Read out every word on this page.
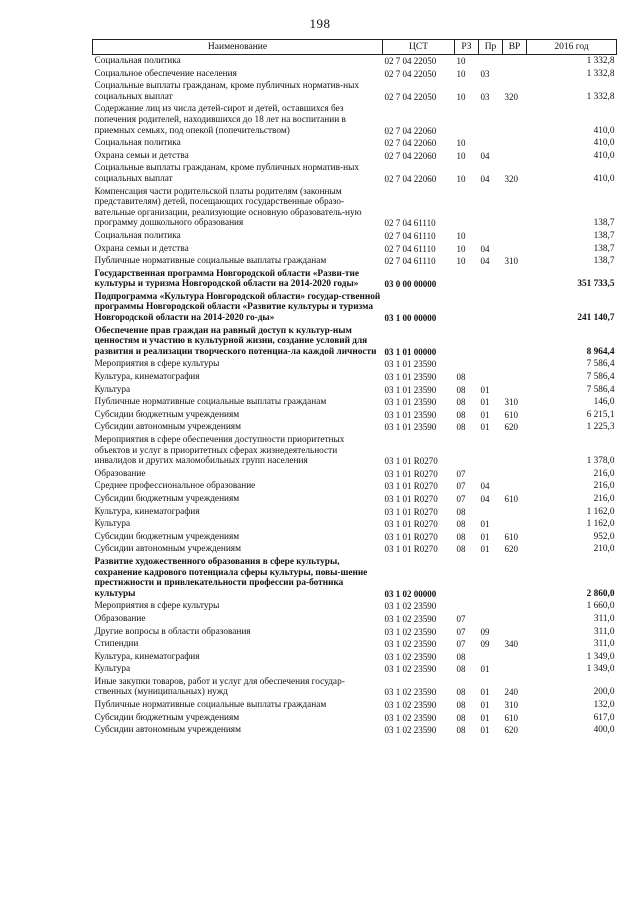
198
Наименование	ЦСТ	РЗ	Пр	ВР	2016 год
Социальная политика	02 7 04 22050	10			1 332,8
Социальное обеспечение населения	02 7 04 22050	10	03		1 332,8
Социальные выплаты гражданам, кроме публичных норматив-ных социальных выплат	02 7 04 22050	10	03	320	1 332,8
Содержание лиц из числа детей-сирот и детей, оставшихся без попечения родителей, находившихся до 18 лет на воспитании в приемных семьях, под опекой (попечительством)	02 7 04 22060				410,0
Социальная политика	02 7 04 22060	10			410,0
Охрана семьи и детства	02 7 04 22060	10	04		410,0
Социальные выплаты гражданам, кроме публичных норматив-ных социальных выплат	02 7 04 22060	10	04	320	410,0
Компенсация части родительской платы родителям (законным представителям) детей, посещающих государственные образо-вательные организации, реализующие основную образователь-ную программу дошкольного образования	02 7 04 61110				138,7
Социальная политика	02 7 04 61110	10			138,7
Охрана семьи и детства	02 7 04 61110	10	04		138,7
Публичные нормативные социальные выплаты гражданам	02 7 04 61110	10	04	310	138,7
Государственная программа Новгородской области «Разви-тие культуры и туризма Новгородской области на 2014-2020 годы»	03 0 00 00000				351 733,5
Подпрограмма «Культура Новгородской области» государ-ственной программы Новгородской области «Развитие культуры и туризма Новгородской области на 2014-2020 го-ды»	03 1 00 00000				241 140,7
Обеспечение прав граждан на равный доступ к культур-ным ценностям и участию в культурной жизни, создание условий для развития и реализации творческого потенциа-ла каждой личности	03 1 01 00000				8 964,4
Мероприятия в сфере культуры	03 1 01 23590				7 586,4
Культура, кинематография	03 1 01 23590	08			7 586,4
Культура	03 1 01 23590	08	01		7 586,4
Публичные нормативные социальные выплаты гражданам	03 1 01 23590	08	01	310	146,0
Субсидии бюджетным учреждениям	03 1 01 23590	08	01	610	6 215,1
Субсидии автономным учреждениям	03 1 01 23590	08	01	620	1 225,3
Мероприятия в сфере обеспечения доступности приоритетных объектов и услуг в приоритетных сферах жизнедеятельности инвалидов и других маломобильных групп населения	03 1 01 R0270				1 378,0
Образование	03 1 01 R0270	07			216,0
Среднее профессиональное образование	03 1 01 R0270	07	04		216,0
Субсидии бюджетным учреждениям	03 1 01 R0270	07	04	610	216,0
Культура, кинематография	03 1 01 R0270	08			1 162,0
Культура	03 1 01 R0270	08	01		1 162,0
Субсидии бюджетным учреждениям	03 1 01 R0270	08	01	610	952,0
Субсидии автономным учреждениям	03 1 01 R0270	08	01	620	210,0
Развитие художественного образования в сфере культуры, сохранение кадрового потенциала сферы культуры, повы-шение престижности и привлекательности профессии ра-ботника культуры	03 1 02 00000				2 860,0
Мероприятия в сфере культуры	03 1 02 23590				1 660,0
Образование	03 1 02 23590	07			311,0
Другие вопросы в области образования	03 1 02 23590	07	09		311,0
Стипендии	03 1 02 23590	07	09	340	311,0
Культура, кинематография	03 1 02 23590	08			1 349,0
Культура	03 1 02 23590	08	01		1 349,0
Иные закупки товаров, работ и услуг для обеспечения государ-ственных (муниципальных) нужд	03 1 02 23590	08	01	240	200,0
Публичные нормативные социальные выплаты гражданам	03 1 02 23590	08	01	310	132,0
Субсидии бюджетным учреждениям	03 1 02 23590	08	01	610	617,0
Субсидии автономным учреждениям	03 1 02 23590	08	01	620	400,0
